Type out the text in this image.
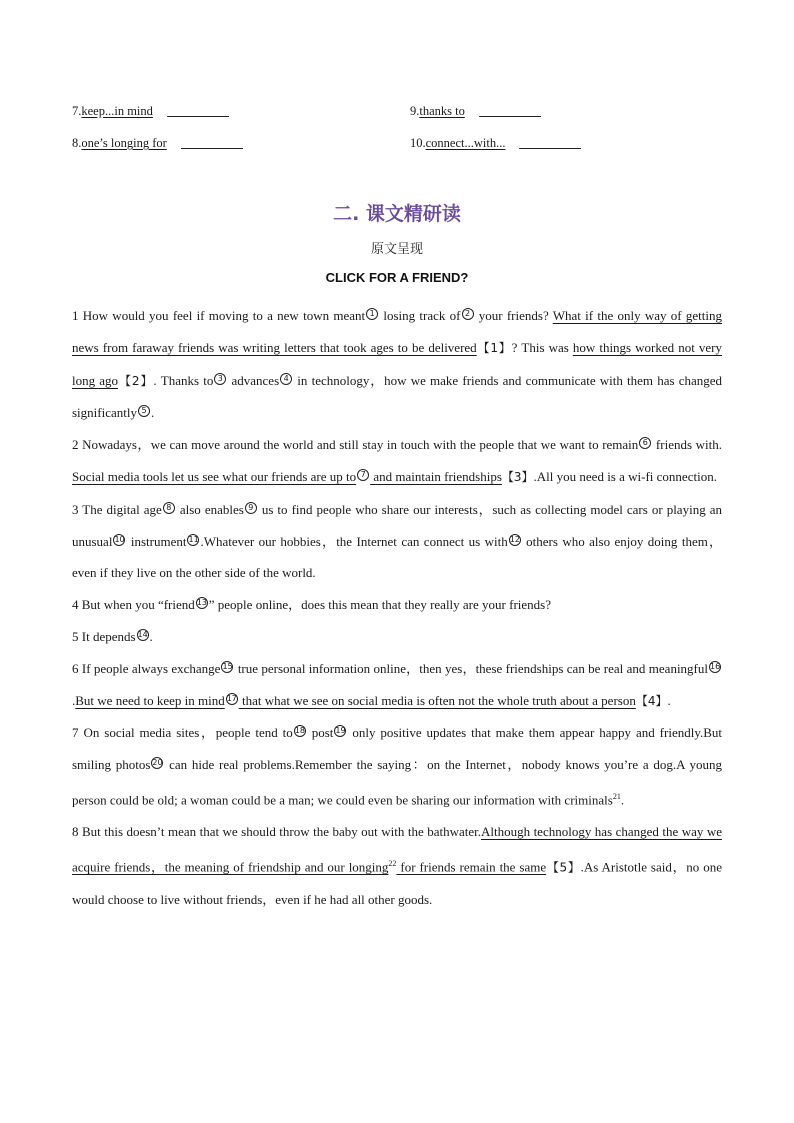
7.keep...in mind	9.thanks to
8.one’s longing for	10.connect...with...
二. 课文精研读
原文呈现
CLICK FOR A FRIEND?

1 How would you feel if moving to a new town meant 1 losing track of 2 your friends? What if the only way of getting news from faraway friends was writing letters that took ages to be delivered【1】? This was how things worked not very long ago【2】. Thanks to 3 advances 4 in technology，how we make friends and communicate with them has changed significantly 5 .

2 Nowadays，we can move around the world and still stay in touch with the people that we want to remain 6 friends with. Social media tools let us see what our friends are up to 7 and maintain friendships【3】.All you need is a wi-fi connection.

3 The digital age 8 also enables 9 us to find people who share our interests，such as collecting model cars or playing an unusual 10 instrument 11 .Whatever our hobbies，the Internet can connect us with 12 others who also enjoy doing them，even if they live on the other side of the world.

4 But when you “friend 13 ” people online，does this mean that they really are your friends?

5 It depends 14 .

6 If people always exchange 15 true personal information online，then yes，these friendships can be real and meaningful 16.But we need to keep in mind 17 that what we see on social media is often not the whole truth about a person【4】.

7 On social media sites，people tend to 18 post 19 only positive updates that make them appear happy and friendly.But smiling photos 20 can hide real problems.Remember the saying：on the Internet，nobody knows you’re a dog.A young person could be old; a woman could be a man; we could even be sharing our information with criminals$^{21}$.

8 But this doesn’t mean that we should throw the baby out with the bathwater.Although technology has changed the way we acquire friends，the meaning of friendship and our longing$^{22}$ for friends remain the same【5】.As Aristotle said，no one would choose to live without friends，even if he had all other goods.
